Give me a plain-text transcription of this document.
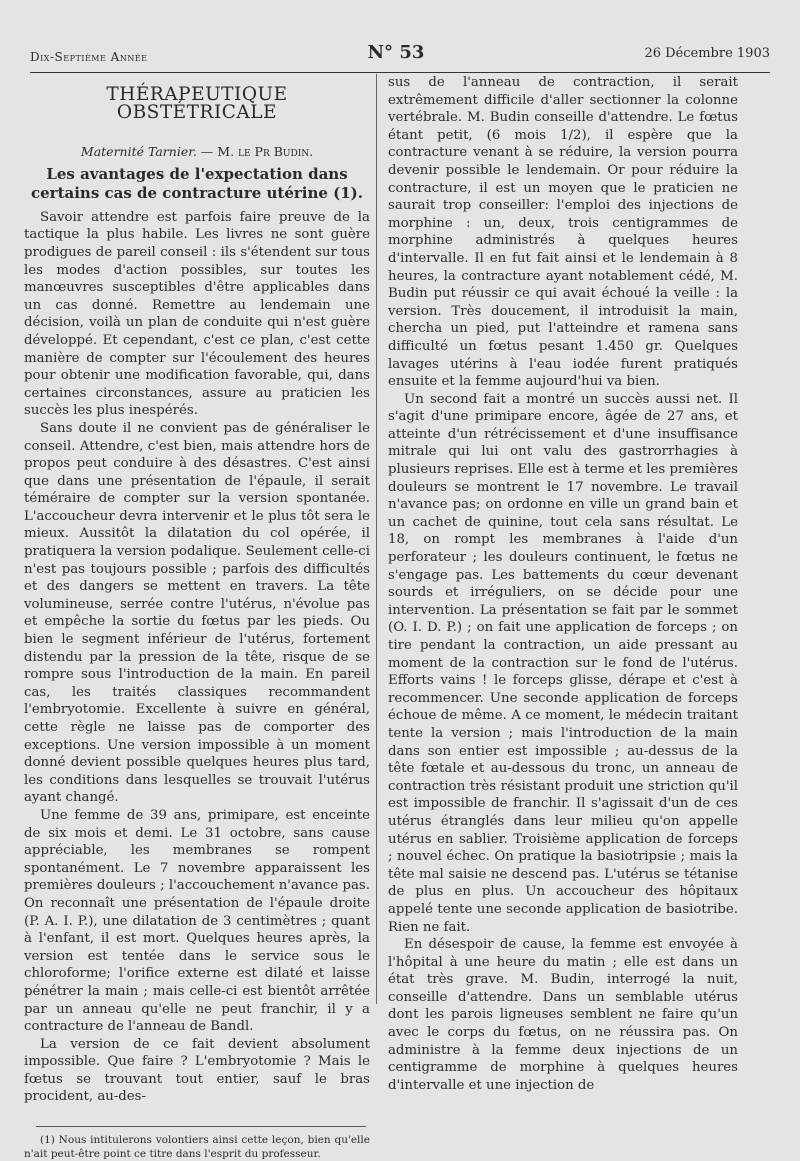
Dix-Septième Année	N° 53	26 Décembre 1903
THÉRAPEUTIQUE OBSTÉTRICALE
Maternité Tarnier. — M. le Pr Budin.
Les avantages de l'expectation dans certains cas de contracture utérine (1).

Savoir attendre est parfois faire preuve de la tactique la plus habile. Les livres ne sont guère prodigues de pareil conseil : ils s'étendent sur tous les modes d'action possibles, sur toutes les manœuvres susceptibles d'être applicables dans un cas donné. Remettre au lendemain une décision, voilà un plan de conduite qui n'est guère développé. Et cependant, c'est ce plan, c'est cette manière de compter sur l'écoulement des heures pour obtenir une modification favorable, qui, dans certaines circonstances, assure au praticien les succès les plus inespérés.

Sans doute il ne convient pas de généraliser le conseil. Attendre, c'est bien, mais attendre hors de propos peut conduire à des désastres. C'est ainsi que dans une présentation de l'épaule, il serait téméraire de compter sur la version spontanée. L'accoucheur devra intervenir et le plus tôt sera le mieux. Aussitôt la dilatation du col opérée, il pratiquera la version podalique. Seulement celle-ci n'est pas toujours possible ; parfois des difficultés et des dangers se mettent en travers. La tête volumineuse, serrée contre l'utérus, n'évolue pas et empêche la sortie du fœtus par les pieds. Ou bien le segment inférieur de l'utérus, fortement distendu par la pression de la tête, risque de se rompre sous l'introduction de la main. En pareil cas, les traités classiques recommandent l'embryotomie. Excellente à suivre en général, cette règle ne laisse pas de comporter des exceptions. Une version impossible à un moment donné devient possible quelques heures plus tard, les conditions dans lesquelles se trouvait l'utérus ayant changé.

Une femme de 39 ans, primipare, est enceinte de six mois et demi. Le 31 octobre, sans cause appréciable, les membranes se rompent spontanément. Le 7 novembre apparaissent les premières douleurs ; l'accouchement n'avance pas. On reconnaît une présentation de l'épaule droite (P. A. I. P.), une dilatation de 3 centimètres ; quant à l'enfant, il est mort. Quelques heures après, la version est tentée dans le service sous le chloroforme; l'orifice externe est dilaté et laisse pénétrer la main ; mais celle-ci est bientôt arrêtée par un anneau qu'elle ne peut franchir, il y a contracture de l'anneau de Bandl.

La version de ce fait devient absolument impossible. Que faire ? L'embryotomie ? Mais le fœtus se trouvant tout entier, sauf le bras procident, au-des-

(1) Nous intitulerons volontiers ainsi cette leçon, bien qu'elle n'ait peut-être point ce titre dans l'esprit du professeur.

sus de l'anneau de contraction, il serait extrêmement difficile d'aller sectionner la colonne vertébrale. M. Budin conseille d'attendre. Le fœtus étant petit, (6 mois 1/2), il espère que la contracture venant à se réduire, la version pourra devenir possible le lendemain. Or pour réduire la contracture, il est un moyen que le praticien ne saurait trop conseiller: l'emploi des injections de morphine : un, deux, trois centigrammes de morphine administrés à quelques heures d'intervalle. Il en fut fait ainsi et le lendemain à 8 heures, la contracture ayant notablement cédé, M. Budin put réussir ce qui avait échoué la veille : la version. Très doucement, il introduisit la main, chercha un pied, put l'atteindre et ramena sans difficulté un fœtus pesant 1.450 gr. Quelques lavages utérins à l'eau iodée furent pratiqués ensuite et la femme aujourd'hui va bien.

Un second fait a montré un succès aussi net. Il s'agit d'une primipare encore, âgée de 27 ans, et atteinte d'un rétrécissement et d'une insuffisance mitrale qui lui ont valu des gastrorrhagies à plusieurs reprises. Elle est à terme et les premières douleurs se montrent le 17 novembre. Le travail n'avance pas; on ordonne en ville un grand bain et un cachet de quinine, tout cela sans résultat. Le 18, on rompt les membranes à l'aide d'un perforateur ; les douleurs continuent, le fœtus ne s'engage pas. Les battements du cœur devenant sourds et irréguliers, on se décide pour une intervention. La présentation se fait par le sommet (O. I. D. P.) ; on fait une application de forceps ; on tire pendant la contraction, un aide pressant au moment de la contraction sur le fond de l'utérus. Efforts vains ! le forceps glisse, dérape et c'est à recommencer. Une seconde application de forceps échoue de même. A ce moment, le médecin traitant tente la version ; mais l'introduction de la main dans son entier est impossible ; au-dessus de la tête fœtale et au-dessous du tronc, un anneau de contraction très résistant produit une striction qu'il est impossible de franchir. Il s'agissait d'un de ces utérus étranglés dans leur milieu qu'on appelle utérus en sablier. Troisième application de forceps ; nouvel échec. On pratique la basiotripsie ; mais la tête mal saisie ne descend pas. L'utérus se tétanise de plus en plus. Un accoucheur des hôpitaux appelé tente une seconde application de basiotribe. Rien ne fait.

En désespoir de cause, la femme est envoyée à l'hôpital à une heure du matin ; elle est dans un état très grave. M. Budin, interrogé la nuit, conseille d'attendre. Dans un semblable utérus dont les parois ligneuses semblent ne faire qu'un avec le corps du fœtus, on ne réussira pas. On administre à la femme deux injections de un centigramme de morphine à quelques heures d'intervalle et une injection de
